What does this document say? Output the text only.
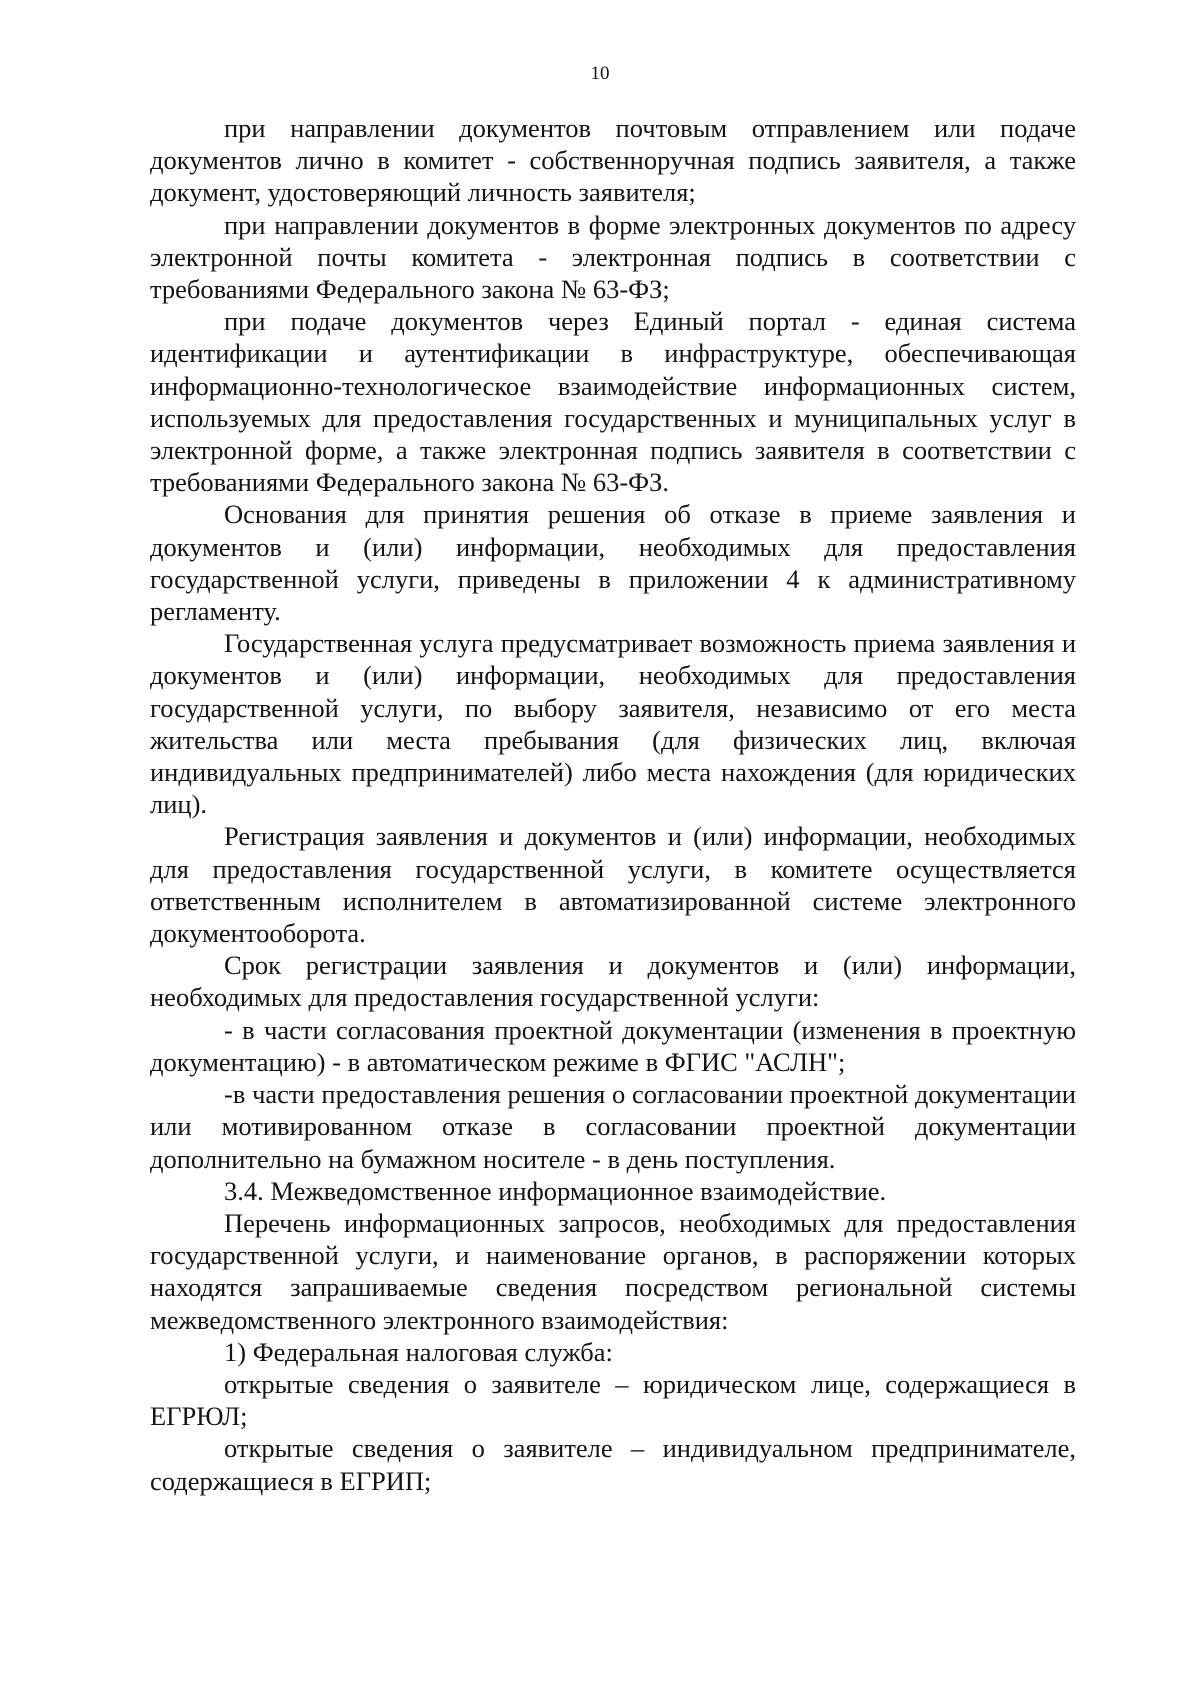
10

при направлении документов почтовым отправлением или подаче документов лично в комитет - собственноручная подпись заявителя, а также документ, удостоверяющий личность заявителя;

при направлении документов в форме электронных документов по адресу электронной почты комитета - электронная подпись в соответствии с требованиями Федерального закона № 63-ФЗ;

при подаче документов через Единый портал - единая система идентификации и аутентификации в инфраструктуре, обеспечивающая информационно-технологическое взаимодействие информационных систем, используемых для предоставления государственных и муниципальных услуг в электронной форме, а также электронная подпись заявителя в соответствии с требованиями Федерального закона № 63-ФЗ.

Основания для принятия решения об отказе в приеме заявления и документов и (или) информации, необходимых для предоставления государственной услуги, приведены в приложении 4 к административному регламенту.

Государственная услуга предусматривает возможность приема заявления и документов и (или) информации, необходимых для предоставления государственной услуги, по выбору заявителя, независимо от его места жительства или места пребывания (для физических лиц, включая индивидуальных предпринимателей) либо места нахождения (для юридических лиц).

Регистрация заявления и документов и (или) информации, необходимых для предоставления государственной услуги, в комитете осуществляется ответственным исполнителем в автоматизированной системе электронного документооборота.

Срок регистрации заявления и документов и (или) информации, необходимых для предоставления государственной услуги:

- в части согласования проектной документации (изменения в проектную документацию) - в автоматическом режиме в ФГИС "АСЛН";

-в части предоставления решения о согласовании проектной документации или мотивированном отказе в согласовании проектной документации дополнительно на бумажном носителе - в день поступления.

3.4. Межведомственное информационное взаимодействие.

Перечень информационных запросов, необходимых для предоставления государственной услуги, и наименование органов, в распоряжении которых находятся запрашиваемые сведения посредством региональной системы межведомственного электронного взаимодействия:

1) Федеральная налоговая служба:

открытые сведения о заявителе – юридическом лице, содержащиеся в ЕГРЮЛ;

открытые сведения о заявителе – индивидуальном предпринимателе, содержащиеся в ЕГРИП;
